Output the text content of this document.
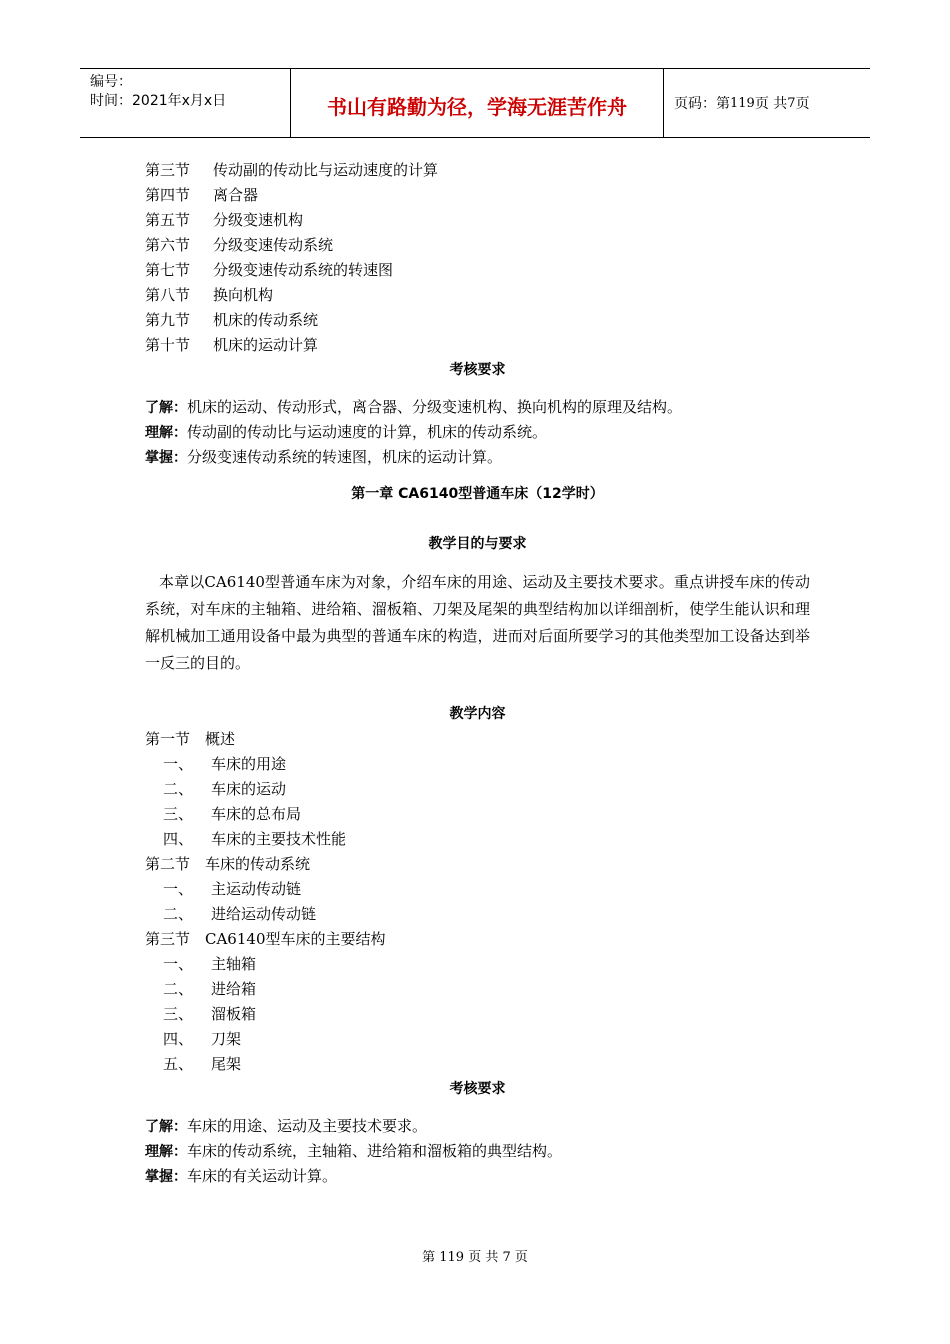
编号：
时间：2021年x月x日	书山有路勤为径，学海无涯苦作舟	页码：第 119 页 共 7 页
第三节 传动副的传动比与运动速度的计算
第四节 离合器
第五节 分级变速机构
第六节 分级变速传动系统
第七节 分级变速传动系统的转速图
第八节 换向机构
第九节 机床的传动系统
第十节 机床的运动计算
考核要求
了解：机床的运动、传动形式，离合器、分级变速机构、换向机构的原理及结构。
理解：传动副的传动比与运动速度的计算，机床的传动系统。
掌握：分级变速传动系统的转速图，机床的运动计算。
第一章 CA6140型普通车床（12学时）
教学目的与要求
本章以CA6140型普通车床为对象，介绍车床的用途、运动及主要技术要求。重点讲授车床的传动系统，对车床的主轴箱、进给箱、溜板箱、刀架及尾架的典型结构加以详细剖析，使学生能认识和理解机械加工通用设备中最为典型的普通车床的构造，进而对后面所要学习的其他类型加工设备达到举一反三的目的。
教学内容
第一节 概述
一、 车床的用途
二、 车床的运动
三、 车床的总布局
四、 车床的主要技术性能
第二节 车床的传动系统
一、 主运动传动链
二、 进给运动传动链
第三节 CA6140型车床的主要结构
一、 主轴箱
二、 进给箱
三、 溜板箱
四、 刀架
五、 尾架
考核要求
了解：车床的用途、运动及主要技术要求。
理解：车床的传动系统，主轴箱、进给箱和溜板箱的典型结构。
掌握：车床的有关运动计算。
第 119 页 共 7 页
